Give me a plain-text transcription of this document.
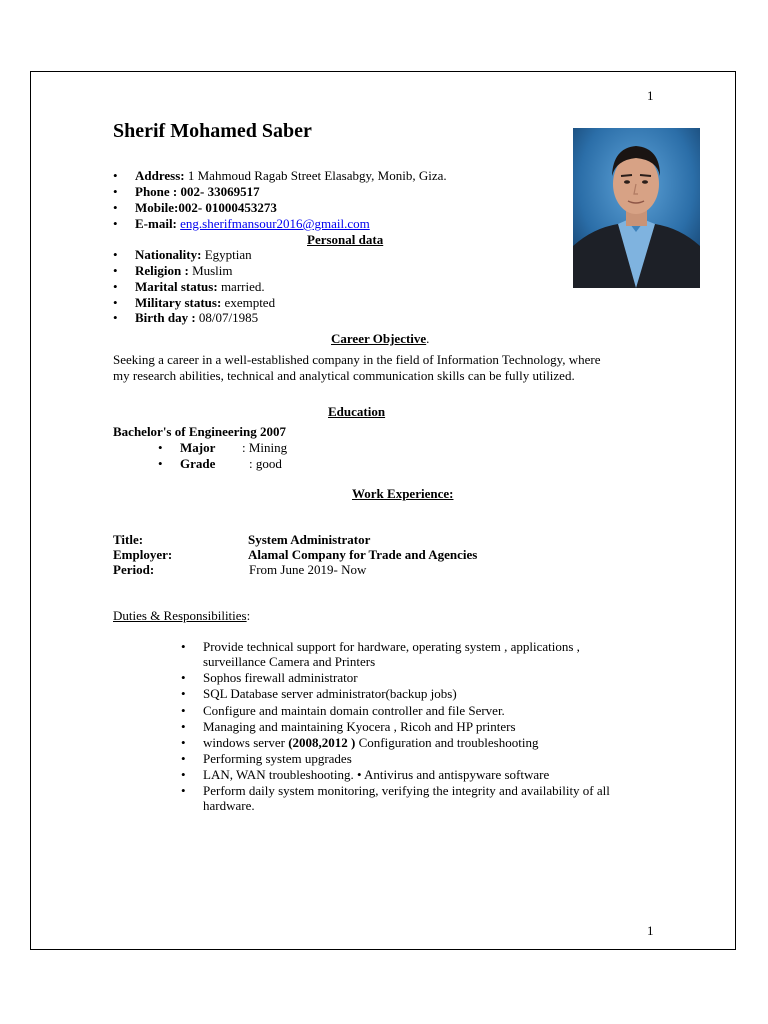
1
Sherif Mohamed Saber
• Address: 1 Mahmoud Ragab Street Elasabgy, Monib, Giza.
• Phone : 002- 33069517
• Mobile:002- 01000453273
• E-mail: eng.sherifmansour2016@gmail.com
Personal data
• Nationality: Egyptian
• Religion : Muslim
• Marital status: married.
• Military status: exempted
• Birth day : 08/07/1985
Career Objective.
Seeking a career in a well-established company in the field of Information Technology, where my research abilities, technical and analytical communication skills can be fully utilized.
Education
Bachelor's of Engineering 2007
• Major : Mining
• Grade	: good
Work Experience:
Title:	System Administrator
Employer:	Alamal Company for Trade and Agencies
Period:	From June 2019- Now
Duties & Responsibilities:
• Provide technical support for hardware, operating system , applications ,
surveillance Camera and Printers
• Sophos firewall administrator
• SQL Database server administrator(backup jobs)
• Configure and maintain domain controller and file Server.
• Managing and maintaining Kyocera , Ricoh and HP printers
• windows server (2008,2012 ) Configuration and troubleshooting
• Performing system upgrades
• LAN, WAN troubleshooting. • Antivirus and antispyware software
• Perform daily system monitoring, verifying the integrity and availability of all
hardware.
1
